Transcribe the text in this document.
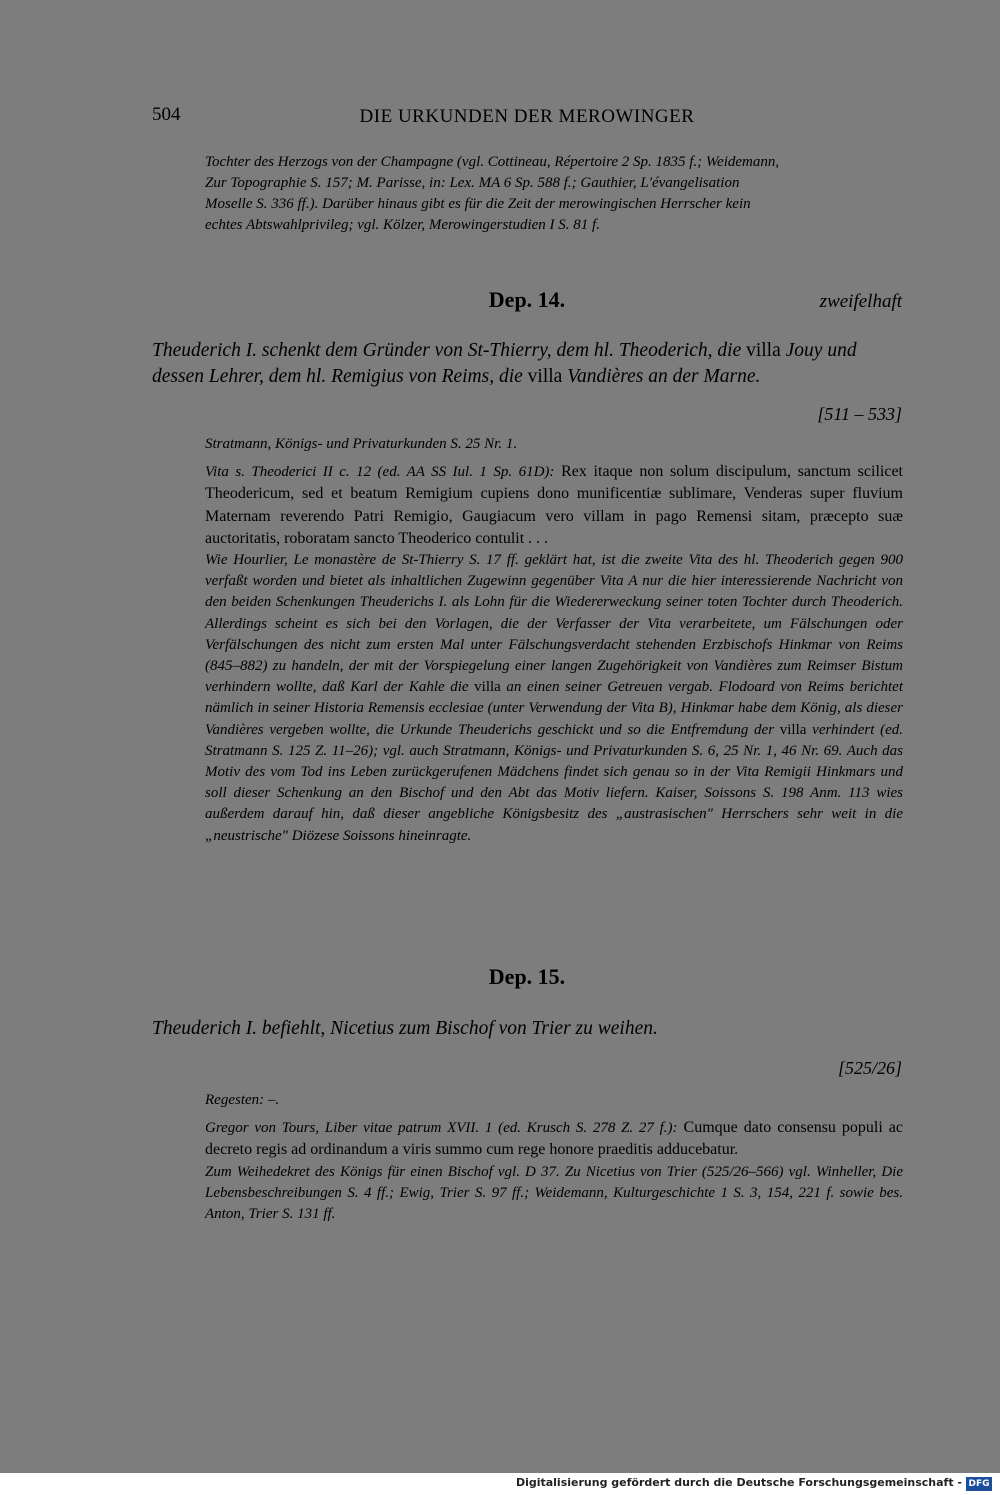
504	DIE URKUNDEN DER MEROWINGER
Tochter des Herzogs von der Champagne (vgl. Cottineau, Répertoire 2 Sp. 1835 f.; Weidemann,
Zur Topographie S. 157; M. Parisse, in: Lex. MA 6 Sp. 588 f.; Gauthier, L'évangelisation
Moselle S. 336 ff.). Darüber hinaus gibt es für die Zeit der merowingischen Herrscher kein
echtes Abtswahlprivileg; vgl. Kölzer, Merowingerstudien I S. 81 f.
Dep. 14.	zweifelhaft
Theuderich I. schenkt dem Gründer von St-Thierry, dem hl. Theoderich, die villa Jouy und dessen Lehrer, dem hl. Remigius von Reims, die villa Vandières an der Marne.
[511 – 533]
Stratmann, Königs- und Privaturkunden S. 25 Nr. 1.
Vita s. Theoderici II c. 12 (ed. AA SS Iul. 1 Sp. 61D): Rex itaque non solum discipulum, sanctum scilicet Theodericum, sed et beatum Remigium cupiens dono munificentiæ sublimare, Venderas super fluvium Maternam reverendo Patri Remigio, Gaugiacum vero villam in pago Remensi sitam, præcepto suæ auctoritatis, roboratam sancto Theoderico contulit . . .
Wie Hourlier, Le monastère de St-Thierry S. 17 ff. geklärt hat, ist die zweite Vita des hl. Theoderich gegen 900 verfaßt worden und bietet als inhaltlichen Zugewinn gegenüber Vita A nur die hier interessierende Nachricht von den beiden Schenkungen Theuderichs I. als Lohn für die Wiedererweckung seiner toten Tochter durch Theoderich. Allerdings scheint es sich bei den Vorlagen, die der Verfasser der Vita verarbeitete, um Fälschungen oder Verfälschungen des nicht zum ersten Mal unter Fälschungsverdacht stehenden Erzbischofs Hinkmar von Reims (845–882) zu handeln, der mit der Vorspiegelung einer langen Zugehörigkeit von Vandières zum Reimser Bistum verhindern wollte, daß Karl der Kahle die villa an einen seiner Getreuen vergab. Flodoard von Reims berichtet nämlich in seiner Historia Remensis ecclesiae (unter Verwendung der Vita B), Hinkmar habe dem König, als dieser Vandières vergeben wollte, die Urkunde Theuderichs geschickt und so die Entfremdung der villa verhindert (ed. Stratmann S. 125 Z. 11–26); vgl. auch Stratmann, Königs- und Privaturkunden S. 6, 25 Nr. 1, 46 Nr. 69. Auch das Motiv des vom Tod ins Leben zurückgerufenen Mädchens findet sich genau so in der Vita Remigii Hinkmars und soll dieser Schenkung an den Bischof und den Abt das Motiv liefern. Kaiser, Soissons S. 198 Anm. 113 wies außerdem darauf hin, daß dieser angebliche Königsbesitz des „austrasischen" Herrschers sehr weit in die „neustrische" Diözese Soissons hineinragte.
Dep. 15.
Theuderich I. befiehlt, Nicetius zum Bischof von Trier zu weihen.
[525/26]
Regesten: –.
Gregor von Tours, Liber vitae patrum XVII. 1 (ed. Krusch S. 278 Z. 27 f.): Cumque dato consensu populi ac decreto regis ad ordinandum a viris summo cum rege honore praeditis adducebatur.
Zum Weihedekret des Königs für einen Bischof vgl. D 37. Zu Nicetius von Trier (525/26–566) vgl. Winheller, Die Lebensbeschreibungen S. 4 ff.; Ewig, Trier S. 97 ff.; Weidemann, Kulturgeschichte 1 S. 3, 154, 221 f. sowie bes. Anton, Trier S. 131 ff.
Digitalisierung gefördert durch die Deutsche Forschungsgemeinschaft - DFG
